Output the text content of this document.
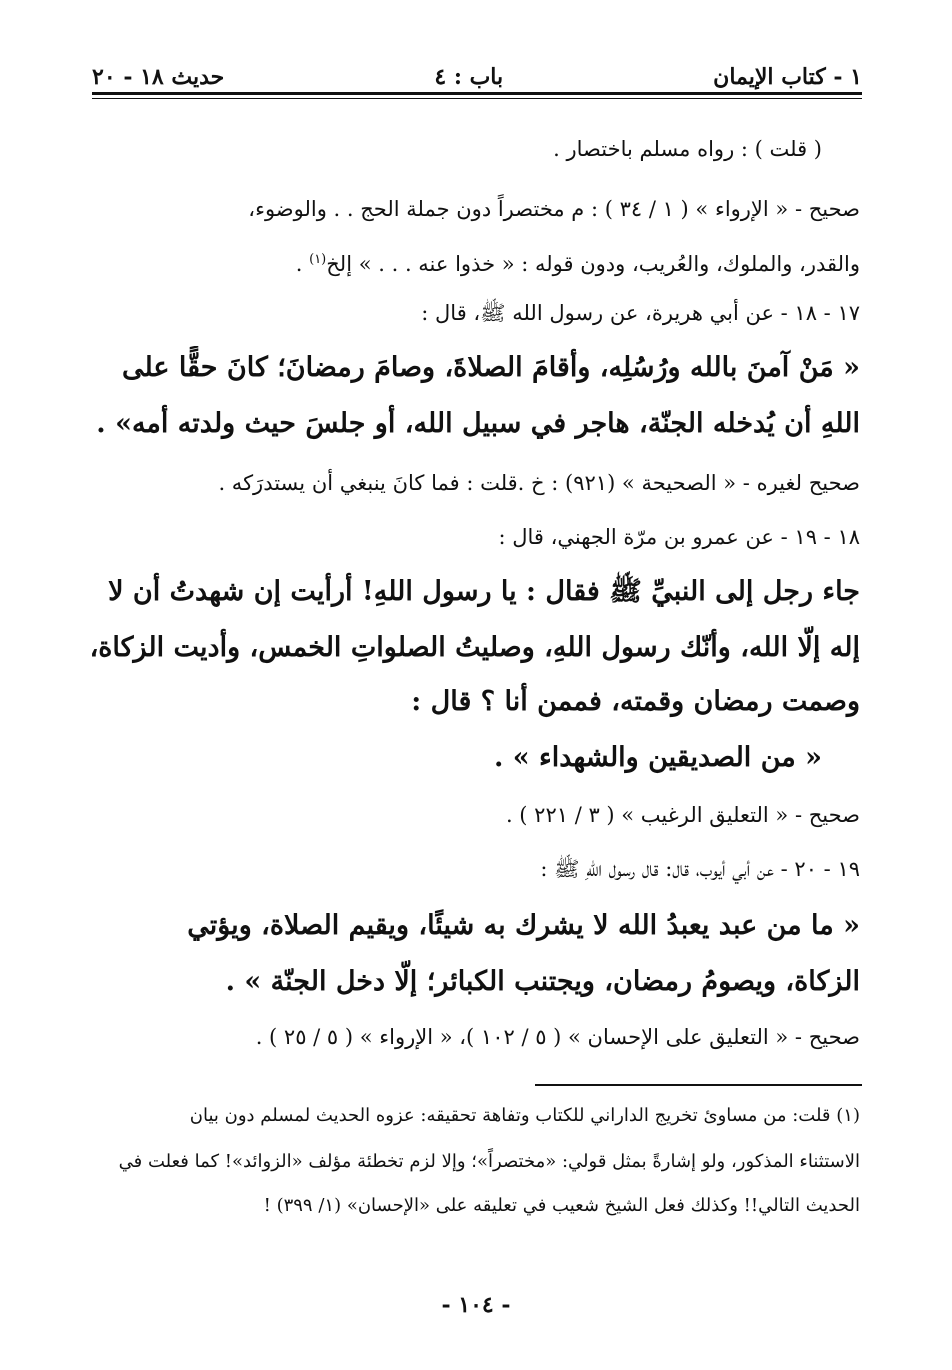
١ - كتاب الإيمان
باب : ٤
حديث ١٨ - ٢٠
( قلت ) : رواه مسلم باختصار .
صحيح - « الإرواء » ( ١ / ٣٤ ) : م مختصراً دون جملة الحج . . والوضوء،
والقدر، والملوك، والعُريب، ودون قوله : « خذوا عنه . . . » إلخ$^{(١)}$ .
١٧ - ١٨ - عن أبي هريرة، عن رسول الله ﷺ، قال :
« مَنْ آمنَ بالله ورُسُلِه، وأقامَ الصلاةَ، وصامَ رمضانَ؛ كانَ حقًّا على
اللهِ أن يُدخله الجنّة، هاجر في سبيل الله، أو جلسَ حيث ولدته أمه» .
صحيح لغيره - « الصحيحة » (٩٢١) : خ .قلت : فما كانَ ينبغي أن يستدرَكه .
١٨ - ١٩ - عن عمرو بن مرّة الجهني، قال :
جاء رجل إلى النبيِّ ﷺ فقال : يا رسول اللهِ! أرأيت إن شهدتُ أن لا
إله إلّا الله، وأنّك رسول اللهِ، وصليتُ الصلواتِ الخمس، وأديت الزكاة،
وصمت رمضان وقمته، فممن أنا ؟ قال :
« من الصديقين والشهداء » .
صحيح - « التعليق الرغيب » ( ٣ / ٢٢١ ) .
١٩ - ٢٠ - عن أبي أيوب، قال: قال رسول اللهِ ﷺ :
« ما من عبد يعبدُ الله لا يشرك به شيئًا، ويقيم الصلاة، ويؤتي
الزكاة، ويصومُ رمضان، ويجتنب الكبائر؛ إلّا دخل الجنّة » .
صحيح - « التعليق على الإحسان » ( ٥ / ١٠٢ )، « الإرواء » ( ٥ / ٢٥ ) .
(١) قلت: من مساوئ تخريج الداراني للكتاب وتفاهة تحقيقه: عزوه الحديث لمسلم دون بيان
الاستثناء المذكور، ولو إشارةً بمثل قولي: «مختصراً»؛ وإلا لزم تخطئة مؤلف «الزوائد»! كما فعلت في
الحديث التالي!! وكذلك فعل الشيخ شعيب في تعليقه على «الإحسان» (١/ ٣٩٩) !
- ١٠٤ -
